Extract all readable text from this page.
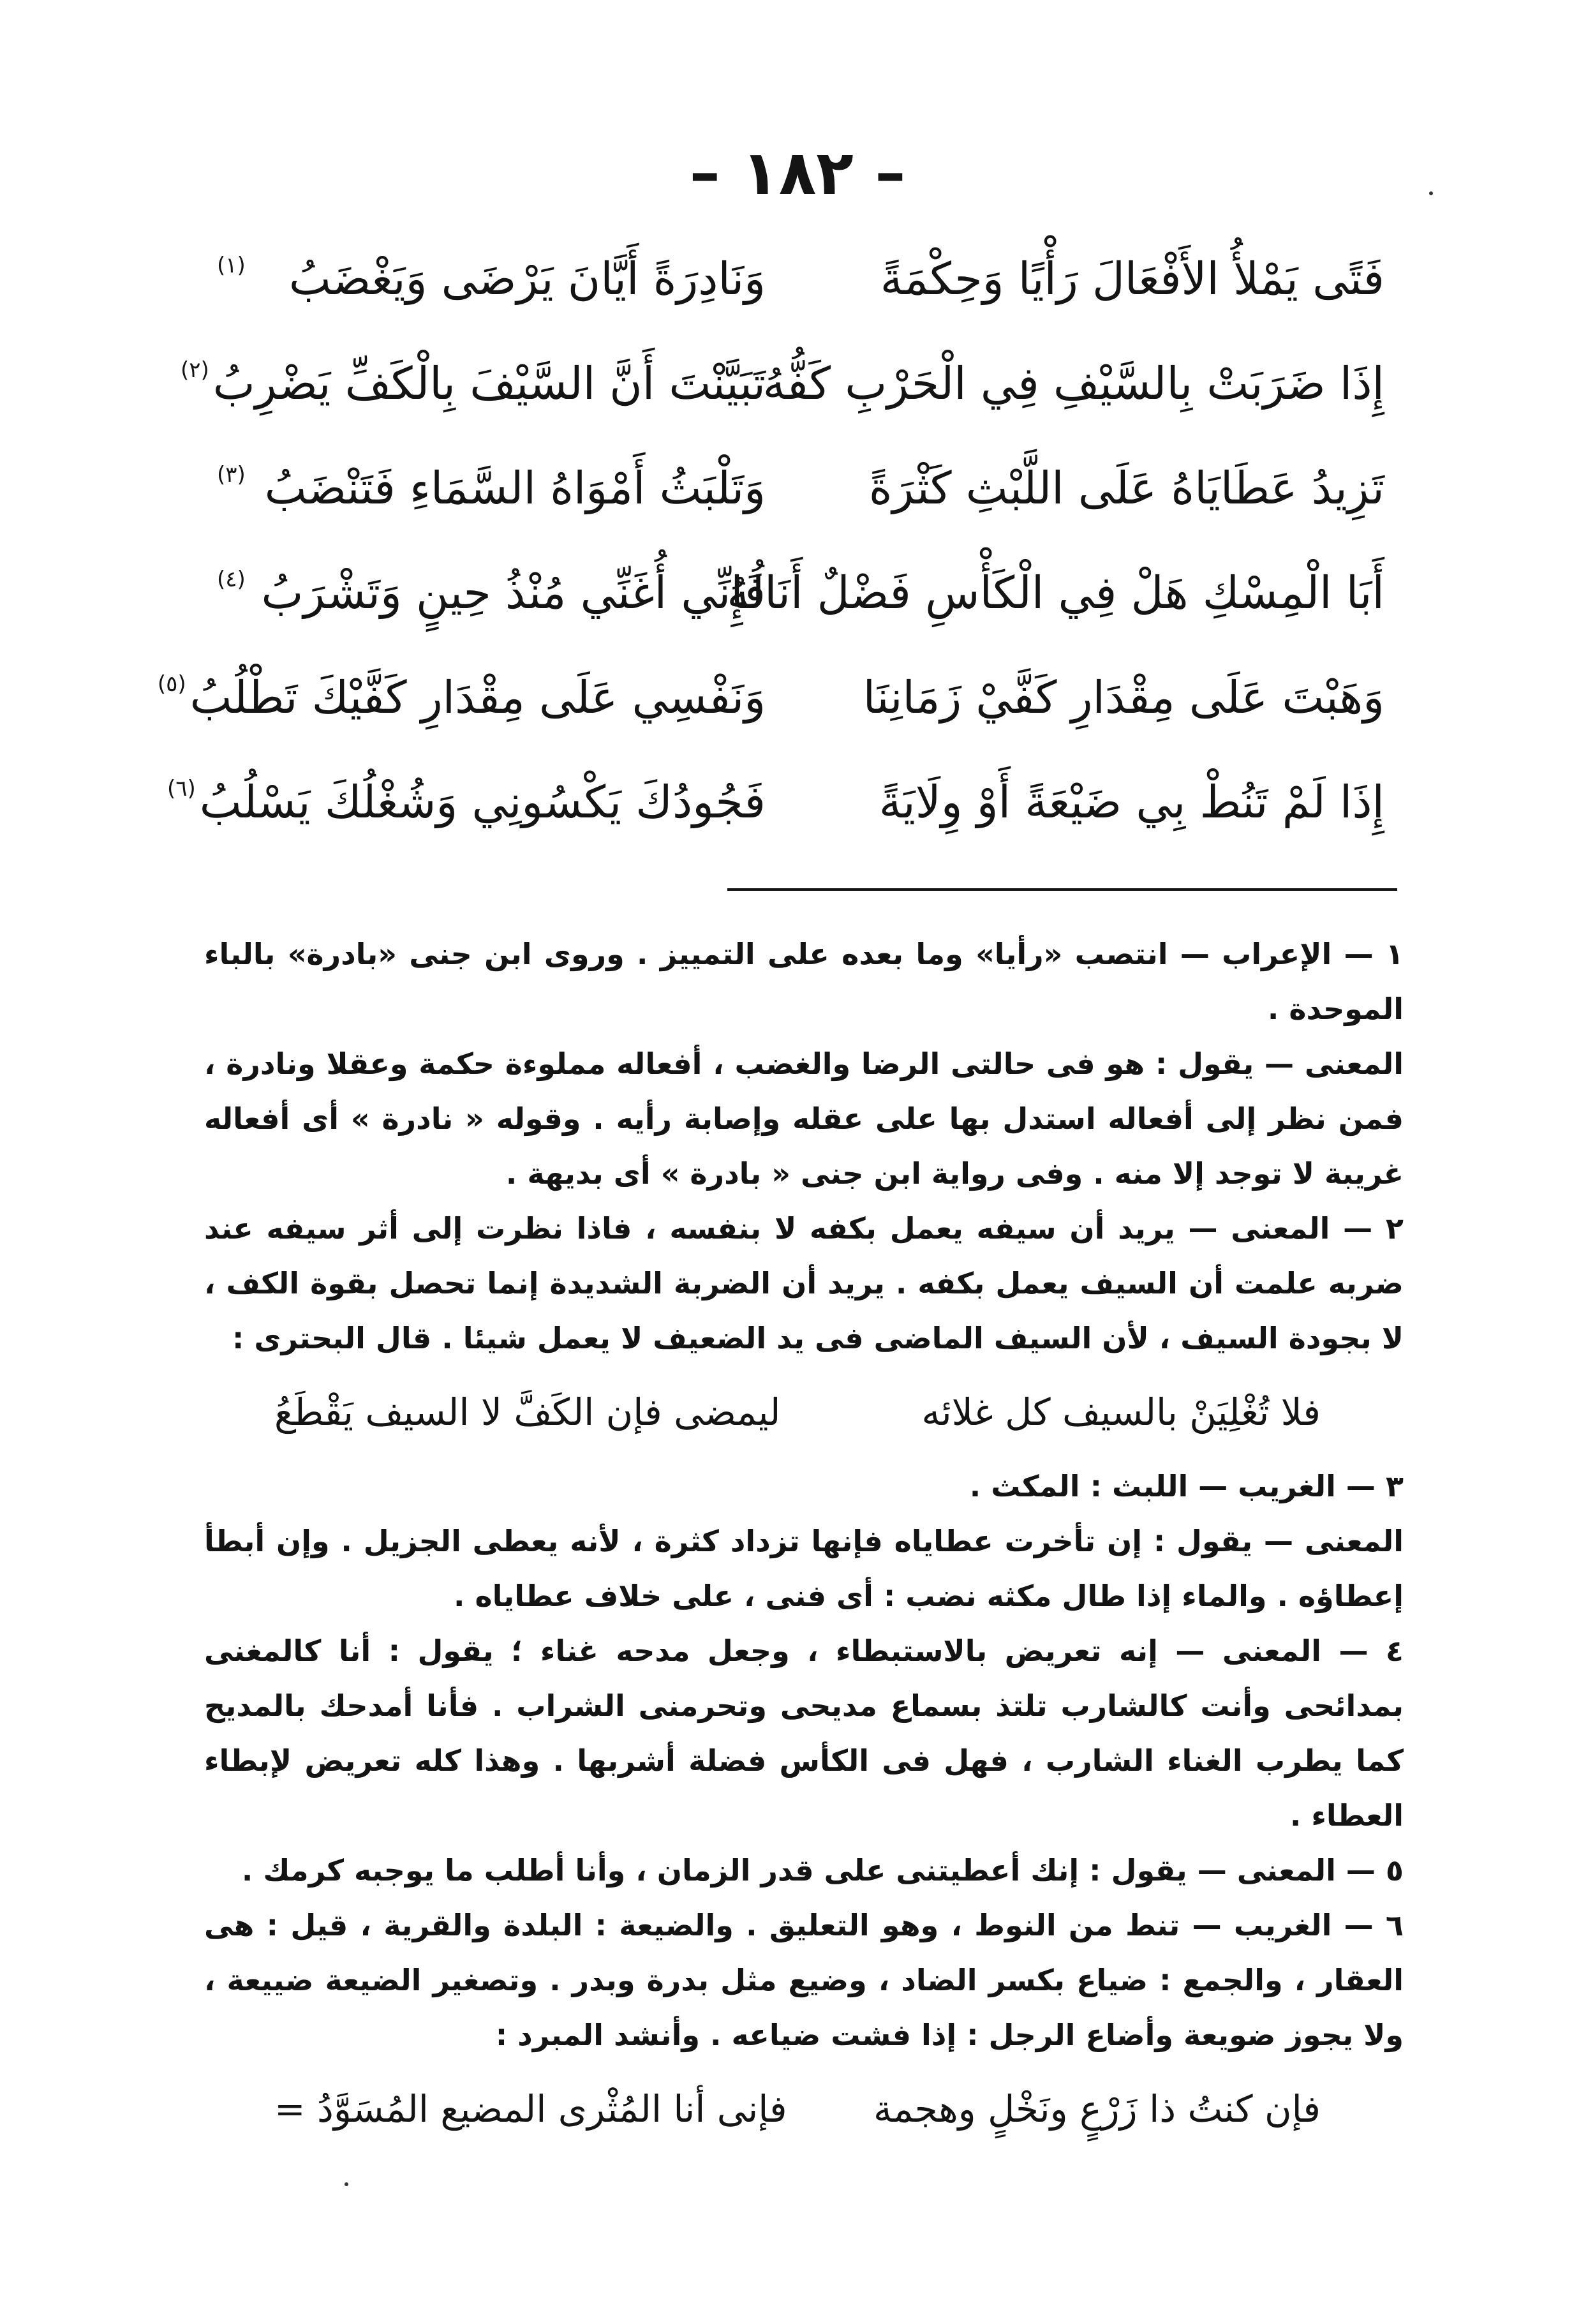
– ١٨٢ –
فَتًى يَمْلأُ الأَفْعَالَ رَأْيًا وَحِكْمَةً
وَنَادِرَةً أَيَّانَ يَرْضَى وَيَغْضَبُ
(١)
إِذَا ضَرَبَتْ بِالسَّيْفِ فِي الْحَرْبِ كَفُّهُ
تَبَيَّنْتَ أَنَّ السَّيْفَ بِالْكَفِّ يَضْرِبُ
(٢)
تَزِيدُ عَطَايَاهُ عَلَى اللَّبْثِ كَثْرَةً
وَتَلْبَثُ أَمْوَاهُ السَّمَاءِ فَتَنْضَبُ
(٣)
أَبَا الْمِسْكِ هَلْ فِي الْكَأْسِ فَضْلٌ أَنَالُهُ
فَإِنِّي أُغَنِّي مُنْذُ حِينٍ وَتَشْرَبُ
(٤)
وَهَبْتَ عَلَى مِقْدَارِ كَفَّيْ زَمَانِنَا
وَنَفْسِي عَلَى مِقْدَارِ كَفَّيْكَ تَطْلُبُ
(٥)
إِذَا لَمْ تَنُطْ بِي ضَيْعَةً أَوْ وِلَايَةً
فَجُودُكَ يَكْسُونِي وَشُغْلُكَ يَسْلُبُ
(٦)

١ — الإعراب — انتصب «رأيا» وما بعده على التمييز . وروى ابن جنى «بادرة» بالباء الموحدة .

المعنى — يقول : هو فى حالتى الرضا والغضب ، أفعاله مملوءة حكمة وعقلا ونادرة ، فمن نظر إلى أفعاله استدل بها على عقله وإصابة رأيه . وقوله « نادرة » أى أفعاله غريبة لا توجد إلا منه . وفى رواية ابن جنى « بادرة » أى بديهة .

٢ — المعنى — يريد أن سيفه يعمل بكفه لا بنفسه ، فاذا نظرت إلى أثر سيفه عند ضربه علمت أن السيف يعمل بكفه . يريد أن الضربة الشديدة إنما تحصل بقوة الكف ، لا بجودة السيف ، لأن السيف الماضى فى يد الضعيف لا يعمل شيئا . قال البحترى :

فلا تُغْلِيَنْ بالسيف كل غلائه
ليمضى فإن الكَفَّ لا السيف يَقْطَعُ

٣ — الغريب — اللبث : المكث .

المعنى — يقول : إن تأخرت عطاياه فإنها تزداد كثرة ، لأنه يعطى الجزيل . وإن أبطأ إعطاؤه . والماء إذا طال مكثه نضب : أى فنى ، على خلاف عطاياه .

٤ — المعنى — إنه تعريض بالاستبطاء ، وجعل مدحه غناء ؛ يقول : أنا كالمغنى بمدائحى وأنت كالشارب تلتذ بسماع مديحى وتحرمنى الشراب . فأنا أمدحك بالمديح كما يطرب الغناء الشارب ، فهل فى الكأس فضلة أشربها . وهذا كله تعريض لإبطاء العطاء .

٥ — المعنى — يقول : إنك أعطيتنى على قدر الزمان ، وأنا أطلب ما يوجبه كرمك .

٦ — الغريب — تنط من النوط ، وهو التعليق . والضيعة : البلدة والقرية ، قيل : هى العقار ، والجمع : ضياع بكسر الضاد ، وضيع مثل بدرة وبدر . وتصغير الضيعة ضييعة ، ولا يجوز ضويعة وأضاع الرجل : إذا فشت ضياعه . وأنشد المبرد :

فإن كنتُ ذا زَرْعٍ ونَخْلٍ وهجمة
فإنى أنا المُثْرى المضيع المُسَوَّدُ =
